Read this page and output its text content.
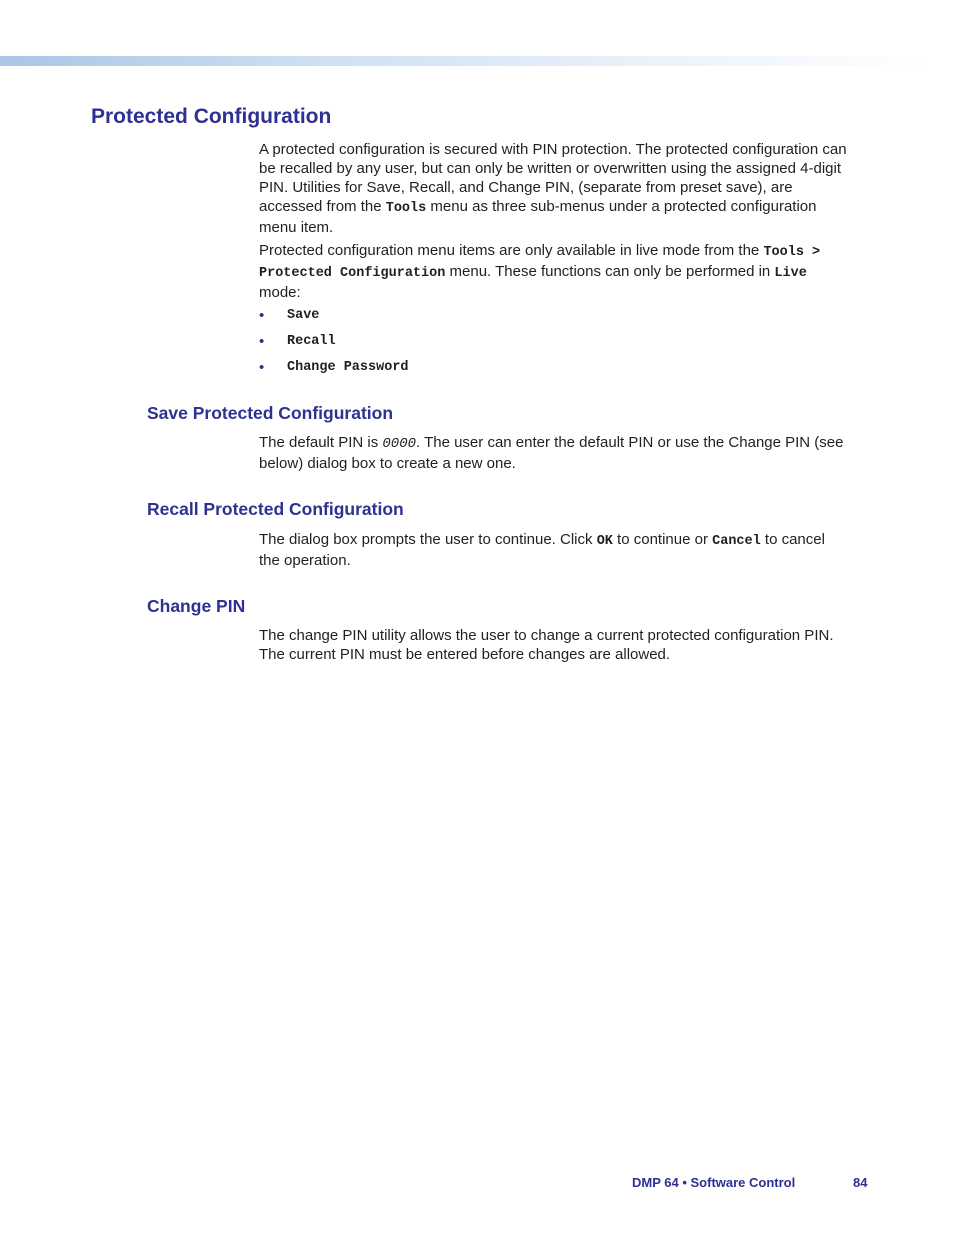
Protected Configuration

A protected configuration is secured with PIN protection. The protected configuration can be recalled by any user, but can only be written or overwritten using the assigned 4-digit PIN. Utilities for Save, Recall, and Change PIN, (separate from preset save), are accessed from the Tools menu as three sub-menus under a protected configuration menu item.

Protected configuration menu items are only available in live mode from the Tools > Protected Configuration menu. These functions can only be performed in Live mode:

•	Save
•	Recall
•	Change Password
Save Protected Configuration

The default PIN is 0000. The user can enter the default PIN or use the Change PIN (see below) dialog box to create a new one.

Recall Protected Configuration

The dialog box prompts the user to continue. Click OK to continue or Cancel to cancel the operation.

Change PIN

The change PIN utility allows the user to change a current protected configuration PIN. The current PIN must be entered before changes are allowed.

DMP 64 • Software Control	84
